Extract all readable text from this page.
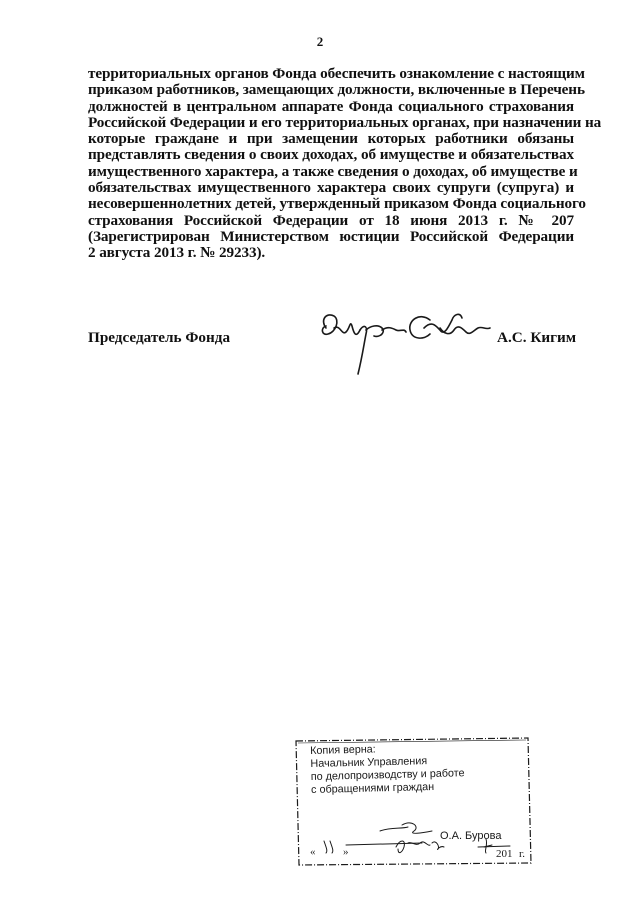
2
территориальных органов Фонда обеспечить ознакомление с настоящим
приказом работников, замещающих должности, включенные в Перечень
должностей в центральном аппарате Фонда социального страхования
Российской Федерации и его территориальных органах, при назначении на
которые граждане и при замещении которых работники обязаны
представлять сведения о своих доходах, об имуществе и обязательствах
имущественного характера, а также сведения о доходах, об имуществе и
обязательствах имущественного характера своих супруги (супруга) и
несовершеннолетних детей, утвержденный приказом Фонда социального
страхования Российской Федерации от 18 июня 2013 г. № 207
(Зарегистрирован Министерством юстиции Российской Федерации
2 августа 2013 г. № 29233).
Председатель Фонда	А.С. Кигим
Копия верна:
Начальник Управления
по делопроизводству и работе
с обращениями граждан
О.А. Бурова
«	»	201 г.
